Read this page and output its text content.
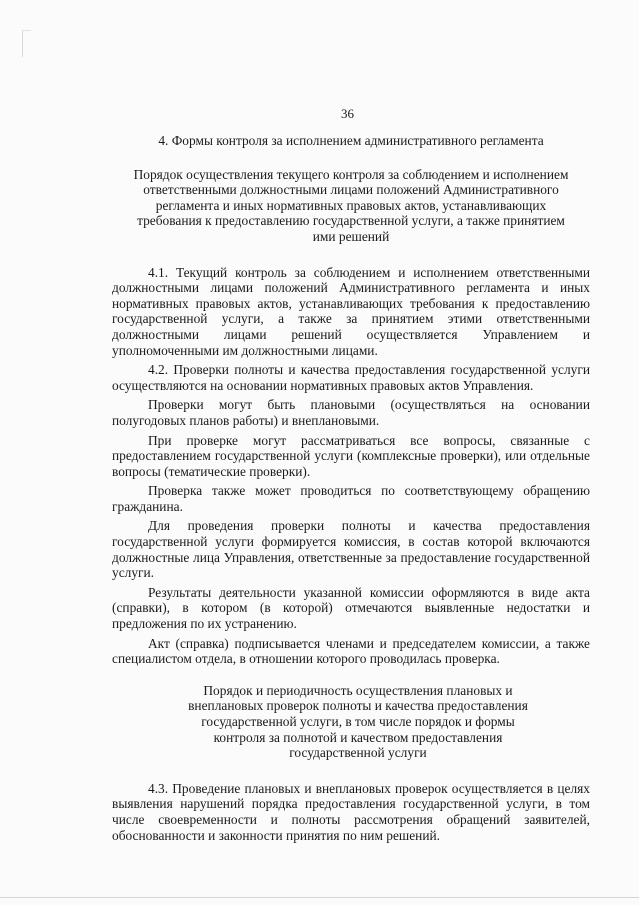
36

4. Формы контроля за исполнением административного регламента

Порядок осуществления текущего контроля за соблюдением и исполнением ответственными должностными лицами положений Административного регламента и иных нормативных правовых актов, устанавливающих требования к предоставлению государственной услуги, а также принятием ими решений

4.1. Текущий контроль за соблюдением и исполнением ответственными должностными лицами положений Административного регламента и иных нормативных правовых актов, устанавливающих требования к предоставлению государственной услуги, а также за принятием этими ответственными должностными лицами решений осуществляется Управлением и уполномоченными им должностными лицами.

4.2. Проверки полноты и качества предоставления государственной услуги осуществляются на основании нормативных правовых актов Управления.

Проверки могут быть плановыми (осуществляться на основании полугодовых планов работы) и внеплановыми.

При проверке могут рассматриваться все вопросы, связанные с предоставлением государственной услуги (комплексные проверки), или отдельные вопросы (тематические проверки).

Проверка также может проводиться по соответствующему обращению гражданина.

Для проведения проверки полноты и качества предоставления государственной услуги формируется комиссия, в состав которой включаются должностные лица Управления, ответственные за предоставление государственной услуги.

Результаты деятельности указанной комиссии оформляются в виде акта (справки), в котором (в которой) отмечаются выявленные недостатки и предложения по их устранению.

Акт (справка) подписывается членами и председателем комиссии, а также специалистом отдела, в отношении которого проводилась проверка.

Порядок и периодичность осуществления плановых и внеплановых проверок полноты и качества предоставления государственной услуги, в том числе порядок и формы контроля за полнотой и качеством предоставления государственной услуги

4.3. Проведение плановых и внеплановых проверок осуществляется в целях выявления нарушений порядка предоставления государственной услуги, в том числе своевременности и полноты рассмотрения обращений заявителей, обоснованности и законности принятия по ним решений.
